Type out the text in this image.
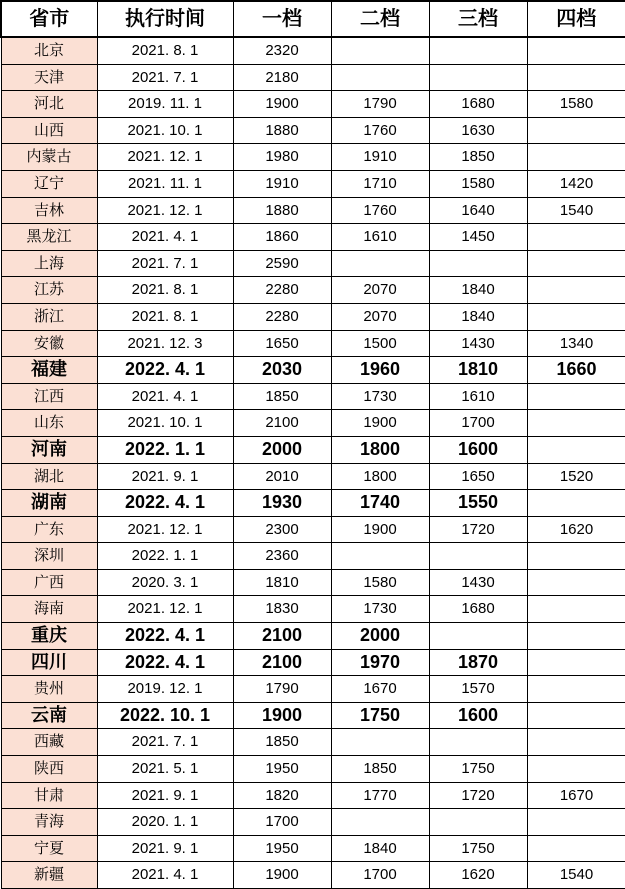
省市	执行时间	一档	二档	三档	四档
北京	2021. 8. 1	2320			
天津	2021. 7. 1	2180			
河北	2019. 11. 1	1900	1790	1680	1580
山西	2021. 10. 1	1880	1760	1630	
内蒙古	2021. 12. 1	1980	1910	1850	
辽宁	2021. 11. 1	1910	1710	1580	1420
吉林	2021. 12. 1	1880	1760	1640	1540
黑龙江	2021. 4. 1	1860	1610	1450	
上海	2021. 7. 1	2590			
江苏	2021. 8. 1	2280	2070	1840	
浙江	2021. 8. 1	2280	2070	1840	
安徽	2021. 12. 3	1650	1500	1430	1340
福建	2022. 4. 1	2030	1960	1810	1660
江西	2021. 4. 1	1850	1730	1610	
山东	2021. 10. 1	2100	1900	1700	
河南	2022. 1. 1	2000	1800	1600	
湖北	2021. 9. 1	2010	1800	1650	1520
湖南	2022. 4. 1	1930	1740	1550	
广东	2021. 12. 1	2300	1900	1720	1620
深圳	2022. 1. 1	2360			
广西	2020. 3. 1	1810	1580	1430	
海南	2021. 12. 1	1830	1730	1680	
重庆	2022. 4. 1	2100	2000		
四川	2022. 4. 1	2100	1970	1870	
贵州	2019. 12. 1	1790	1670	1570	
云南	2022. 10. 1	1900	1750	1600	
西藏	2021. 7. 1	1850			
陕西	2021. 5. 1	1950	1850	1750	
甘肃	2021. 9. 1	1820	1770	1720	1670
青海	2020. 1. 1	1700			
宁夏	2021. 9. 1	1950	1840	1750	
新疆	2021. 4. 1	1900	1700	1620	1540
